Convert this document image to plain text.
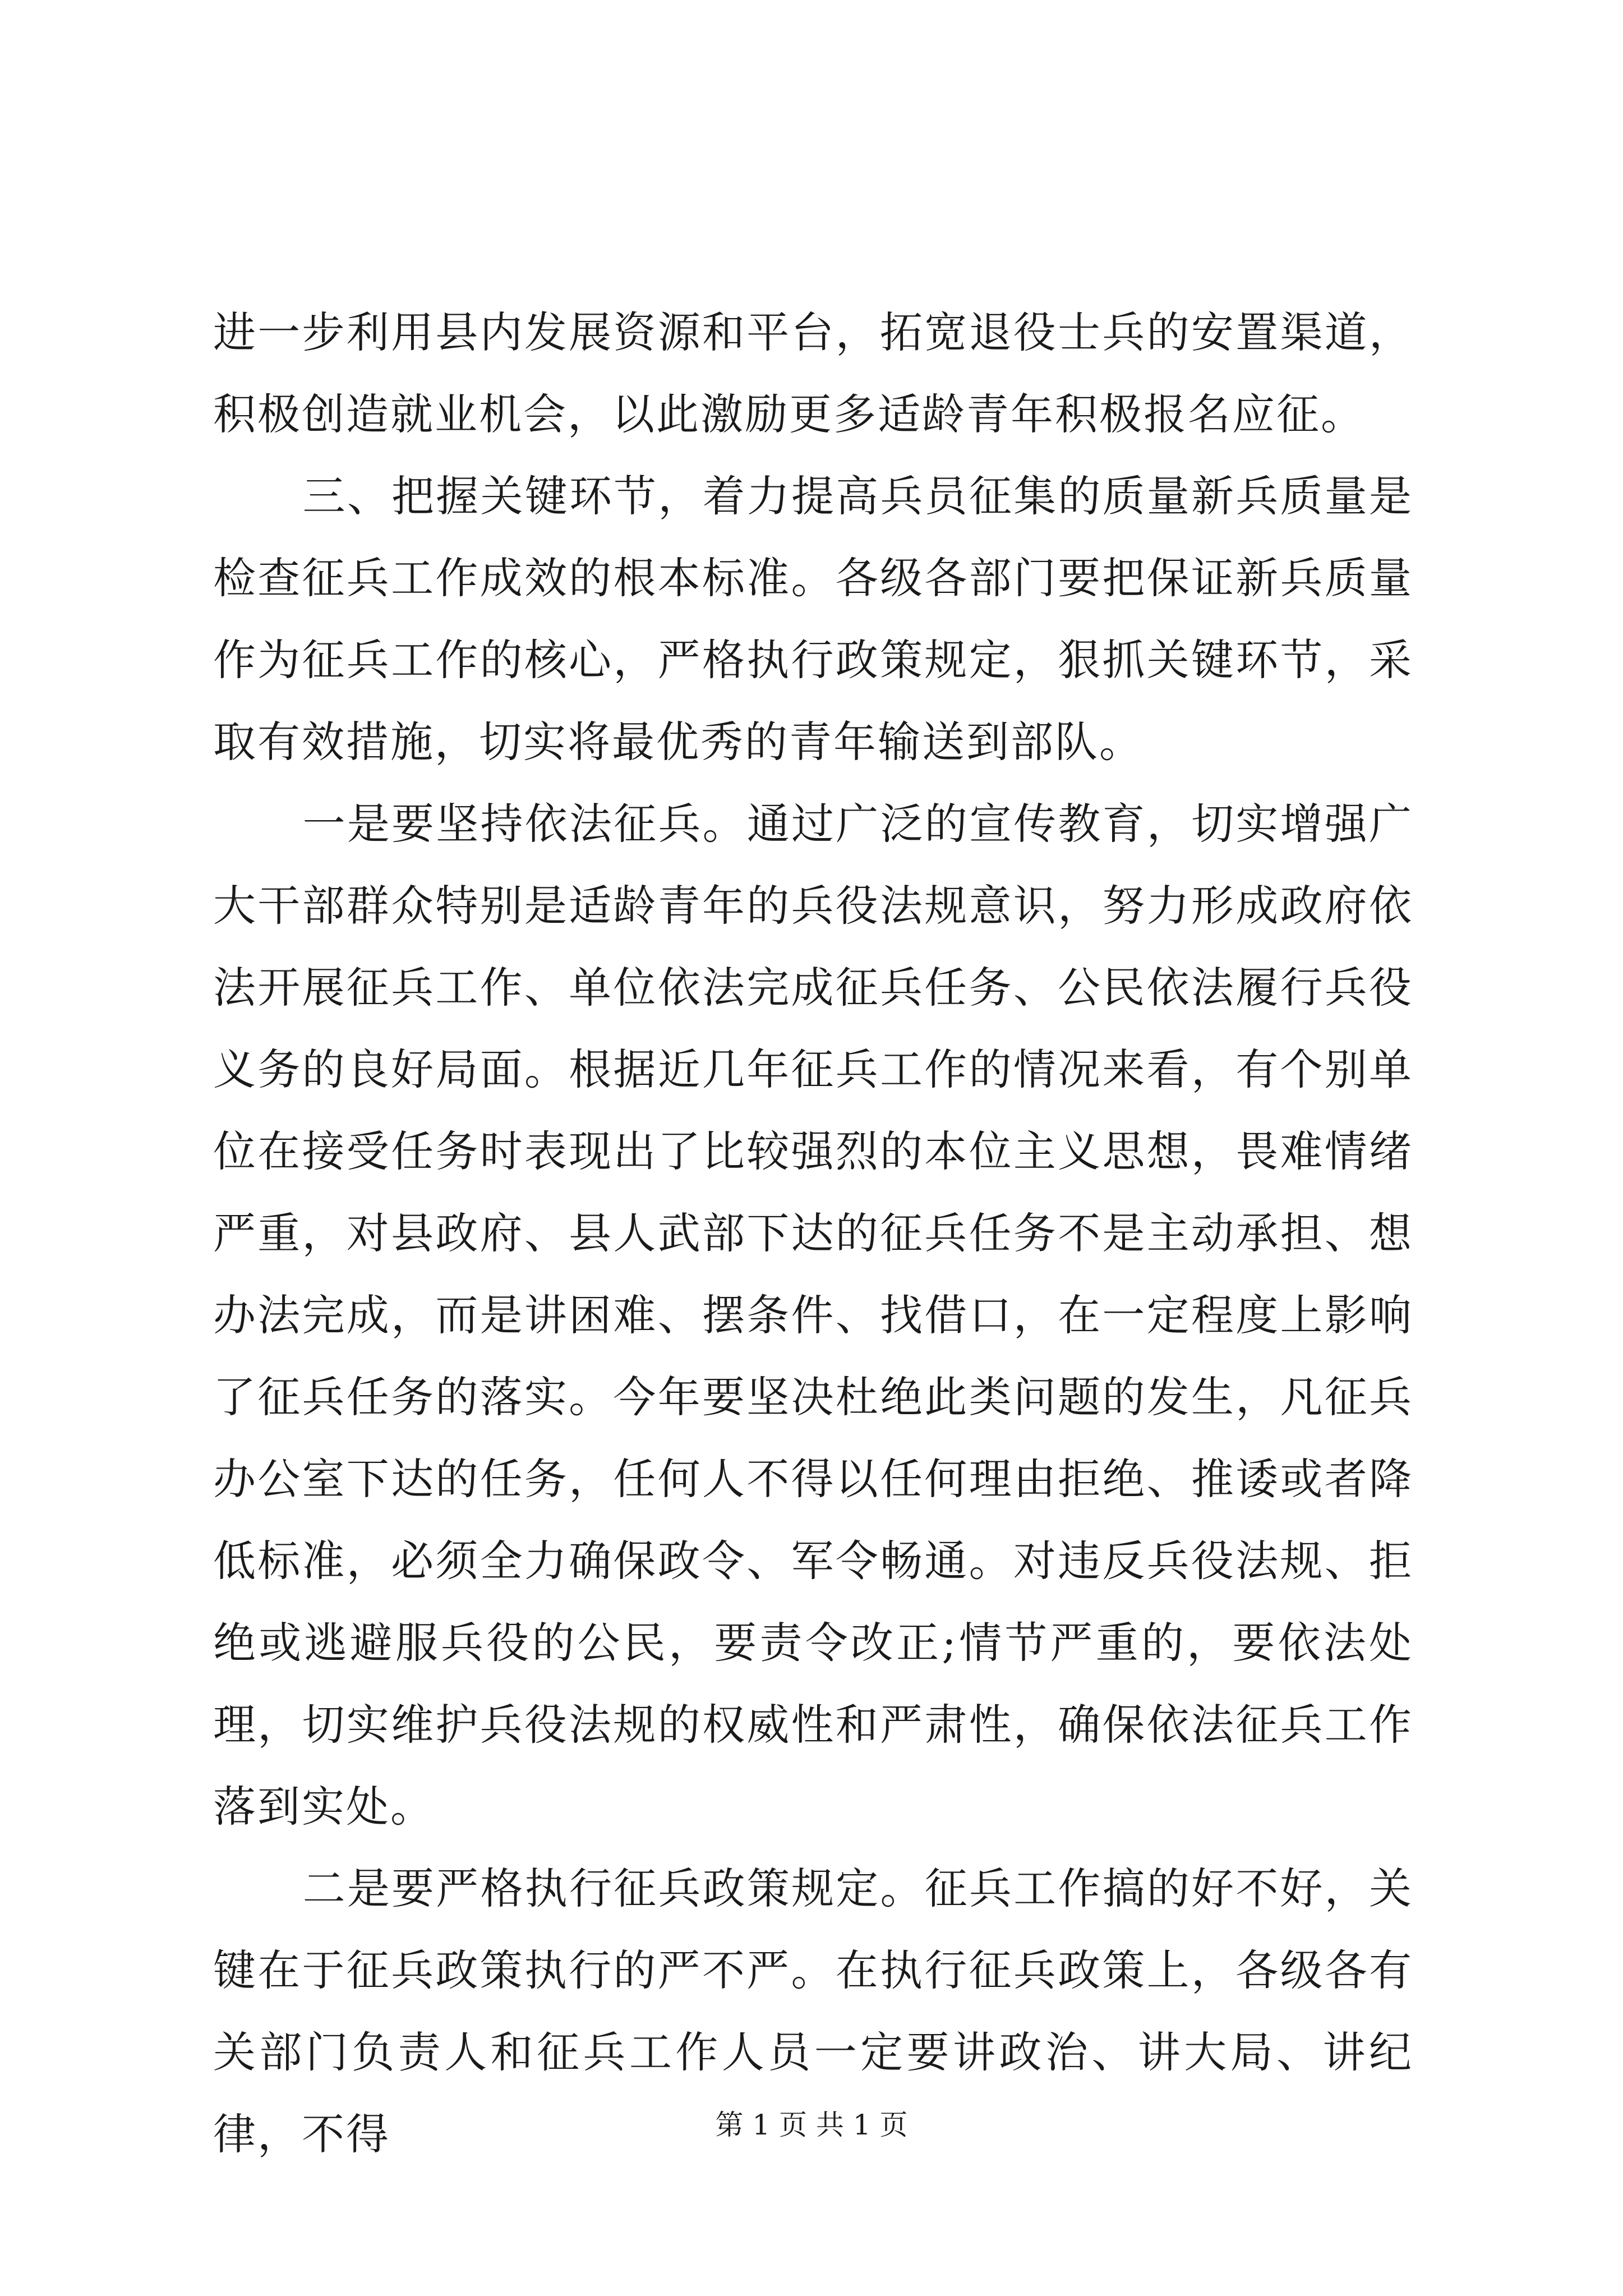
进一步利用县内发展资源和平台，拓宽退役士兵的安置渠道，积极创造就业机会，以此激励更多适龄青年积极报名应征。

三、把握关键环节，着力提高兵员征集的质量新兵质量是检查征兵工作成效的根本标准。各级各部门要把保证新兵质量作为征兵工作的核心，严格执行政策规定，狠抓关键环节，采取有效措施，切实将最优秀的青年输送到部队。

一是要坚持依法征兵。通过广泛的宣传教育，切实增强广大干部群众特别是适龄青年的兵役法规意识，努力形成政府依法开展征兵工作、单位依法完成征兵任务、公民依法履行兵役义务的良好局面。根据近几年征兵工作的情况来看，有个别单位在接受任务时表现出了比较强烈的本位主义思想，畏难情绪严重，对县政府、县人武部下达的征兵任务不是主动承担、想办法完成，而是讲困难、摆条件、找借口，在一定程度上影响了征兵任务的落实。今年要坚决杜绝此类问题的发生，凡征兵办公室下达的任务，任何人不得以任何理由拒绝、推诿或者降低标准，必须全力确保政令、军令畅通。对违反兵役法规、拒绝或逃避服兵役的公民，要责令改正;情节严重的，要依法处理，切实维护兵役法规的权威性和严肃性，确保依法征兵工作落到实处。

二是要严格执行征兵政策规定。征兵工作搞的好不好，关键在于征兵政策执行的严不严。在执行征兵政策上，各级各有关部门负责人和征兵工作人员一定要讲政治、讲大局、讲纪律，不得	第 1 页 共 1 页
